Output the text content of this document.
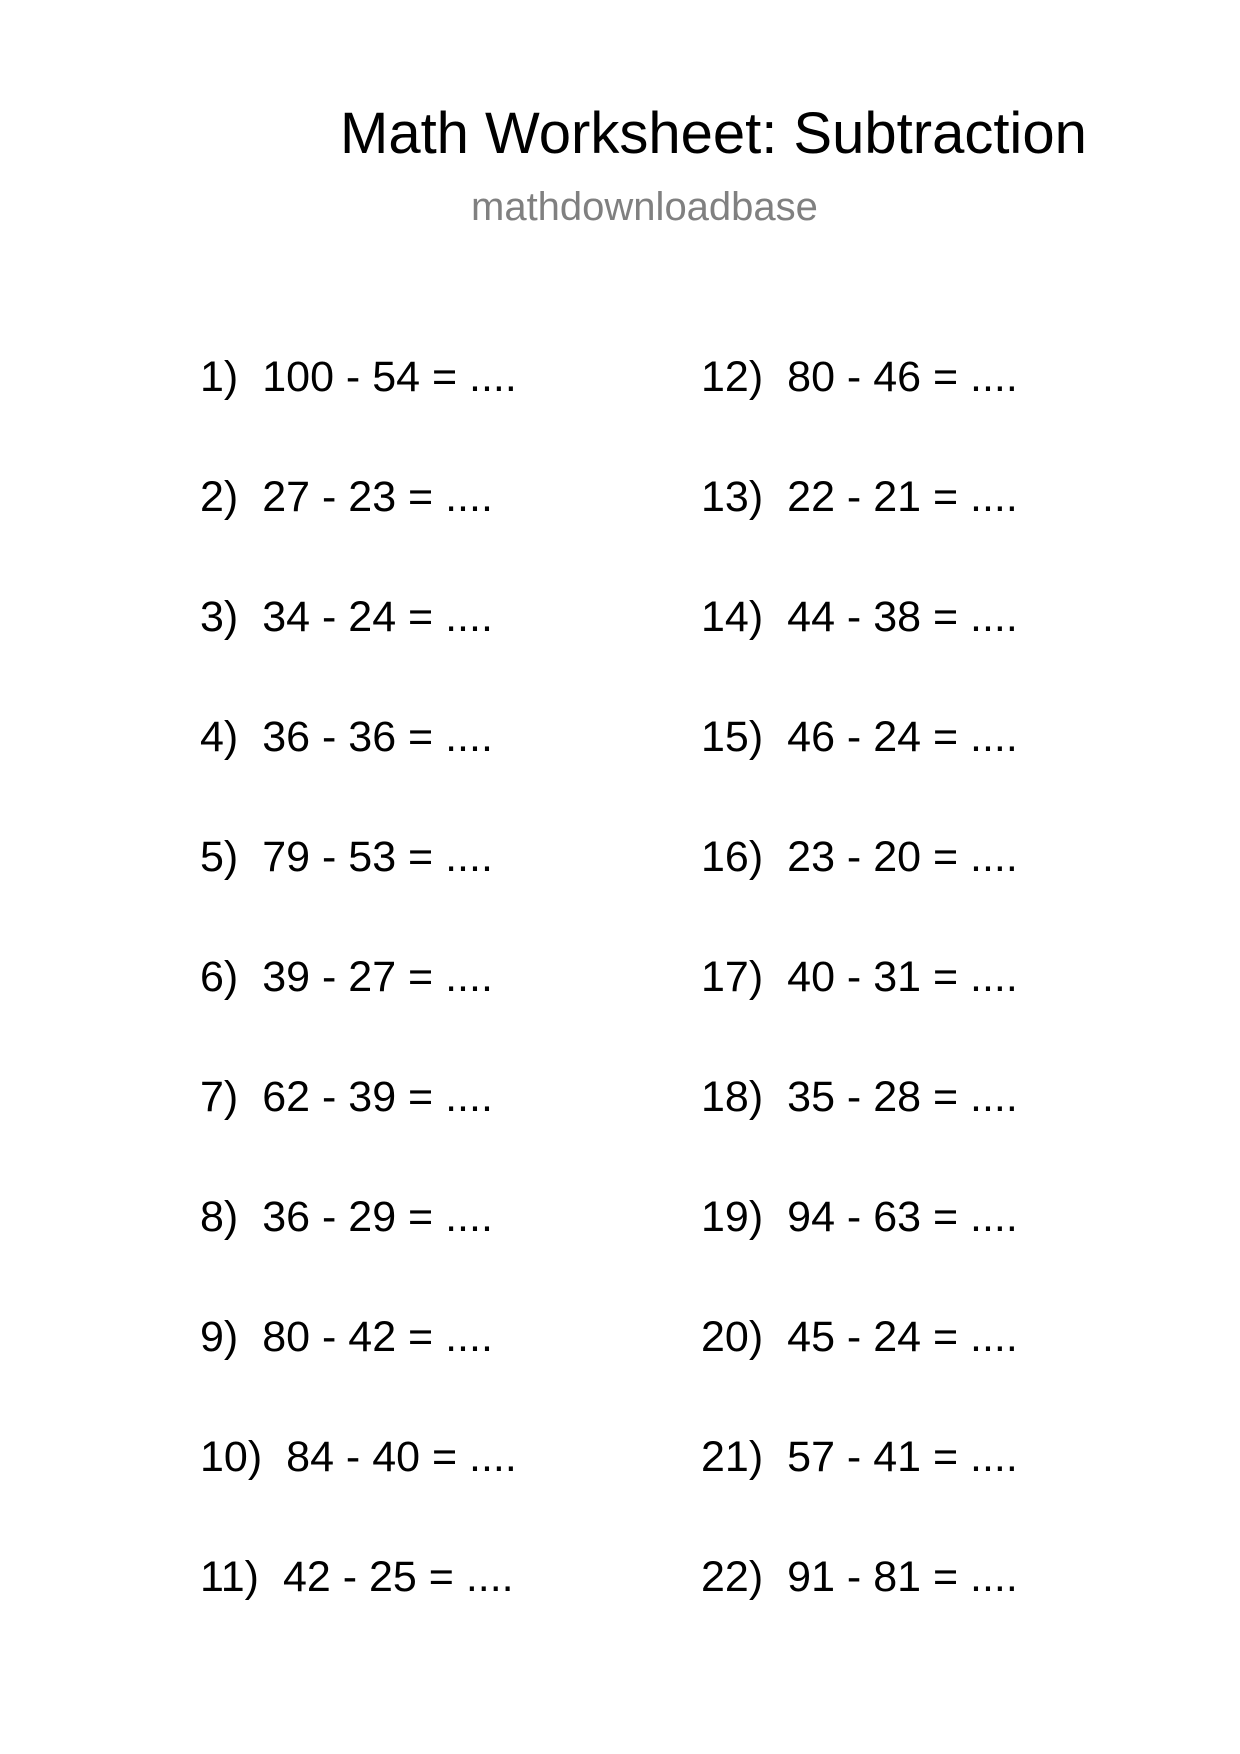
Math Worksheet: Subtraction
mathdownloadbase
1) 100 - 54 = ....
2) 27 - 23 = ....
3) 34 - 24 = ....
4) 36 - 36 = ....
5) 79 - 53 = ....
6) 39 - 27 = ....
7) 62 - 39 = ....
8) 36 - 29 = ....
9) 80 - 42 = ....
10) 84 - 40 = ....
11) 42 - 25 = ....
12) 80 - 46 = ....
13) 22 - 21 = ....
14) 44 - 38 = ....
15) 46 - 24 = ....
16) 23 - 20 = ....
17) 40 - 31 = ....
18) 35 - 28 = ....
19) 94 - 63 = ....
20) 45 - 24 = ....
21) 57 - 41 = ....
22) 91 - 81 = ....
